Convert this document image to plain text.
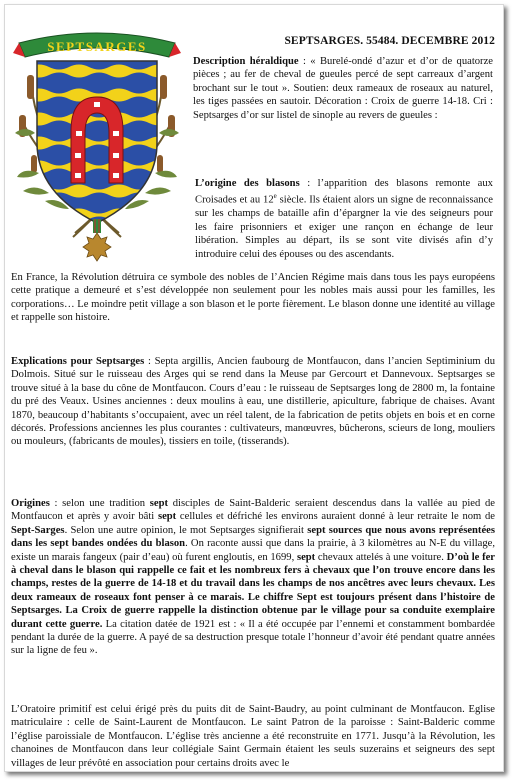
SEPTSARGES	SEPTSARGES. 55484. DECEMBRE 2012

Description héraldique : « Burelé-ondé d’azur et d’or de quatorze pièces ; au fer de cheval de gueules percé de sept carreaux d’argent brochant sur le tout ». Soutien: deux rameaux de roseaux au naturel, les tiges passées en sautoir. Décoration : Croix de guerre 14-18. Cri : Septsarges d’or sur listel de sinople au revers de gueules :

L’origine des blasons : l’apparition des blasons remonte aux Croisades et au 12e siècle. Ils étaient alors un signe de reconnaissance sur les champs de bataille afin d’épargner la vie des seigneurs pour les faire prisonniers et exiger une rançon en échange de leur libération. Simples au départ, ils se sont vite divisés afin d’y introduire celui des épouses ou des ascendants.

En France, la Révolution détruira ce symbole des nobles de l’Ancien Régime mais dans tous les pays européens cette pratique a demeuré et s’est développée non seulement pour les nobles mais aussi pour les familles, les corporations… Le moindre petit village a son blason et le porte fièrement. Le blason donne une identité au village et rappelle son histoire.

Explications pour Septsarges : Septa argillis, Ancien faubourg de Montfaucon, dans l’ancien Septiminium du Dolmois. Situé sur le ruisseau des Arges qui se rend dans la Meuse par Gercourt et Dannevoux. Septsarges se trouve situé à la base du cône de Montfaucon. Cours d’eau : le ruisseau de Septsarges long de 2800 m, la fontaine du pré des Veaux. Usines anciennes : deux moulins à eau, une distillerie, apiculture, fabrique de chaises. Avant 1870, beaucoup d’habitants s’occupaient, avec un réel talent, de la fabrication de petits objets en bois et en corne décorés. Professions anciennes les plus courantes : cultivateurs, manœuvres, bûcherons, scieurs de long, mouliers ou mouleurs, (fabricants de moules), tissiers en toile, (tisserands).

Origines : selon une tradition sept disciples de Saint-Balderic seraient descendus dans la vallée au pied de Montfaucon et après y avoir bâti sept cellules et défriché les environs auraient donné à leur retraite le nom de Sept-Sarges. Selon une autre opinion, le mot Septsarges signifierait sept sources que nous avons représentées dans les sept bandes ondées du blason. On raconte aussi que dans la prairie, à 3 kilomètres au N-E du village, existe un marais fangeux (pair d’eau) où furent engloutis, en 1699, sept chevaux attelés à une voiture. D’où le fer à cheval dans le blason qui rappelle ce fait et les nombreux fers à chevaux que l’on trouve encore dans les champs, restes de la guerre de 14-18 et du travail dans les champs de nos ancêtres avec leurs chevaux. Les deux rameaux de roseaux font penser à ce marais. Le chiffre Sept est toujours présent dans l’histoire de Septsarges. La Croix de guerre rappelle la distinction obtenue par le village pour sa conduite exemplaire durant cette guerre. La citation datée de 1921 est : « Il a été occupée par l’ennemi et constamment bombardée pendant la durée de la guerre. A payé de sa destruction presque totale l’honneur d’avoir été pendant quatre années sur la ligne de feu ».

L’Oratoire primitif est celui érigé près du puits dit de Saint-Baudry, au point culminant de Montfaucon. Eglise matriculaire : celle de Saint-Laurent de Montfaucon. Le saint Patron de la paroisse : Saint-Balderic comme l’église paroissiale de Montfaucon. L’église très ancienne a été reconstruite en 1771. Jusqu’à la Révolution, les chanoines de Montfaucon dans leur collégiale Saint Germain étaient les seuls suzerains et seigneurs des sept villages de leur prévôté en association pour certains droits avec le
